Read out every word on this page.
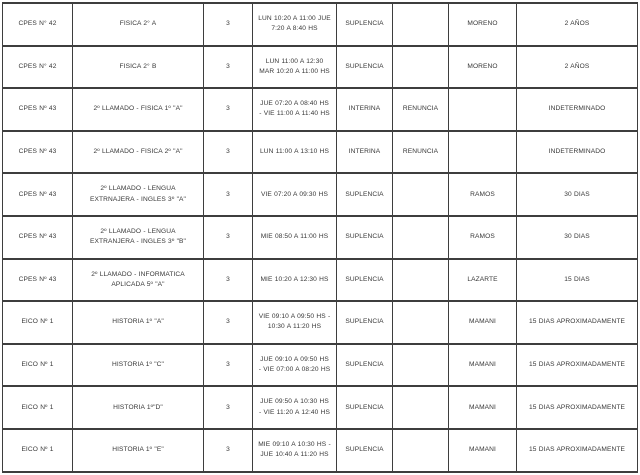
CPES N° 42	FISICA 2° A	3	LUN 10:20 A 11:00 JUE 7:20 A 8:40 HS	SUPLENCIA		MORENO	2 AÑOS
CPES N° 42	FISICA 2° B	3	LUN 11:00 A 12:30 MAR 10:20 A 11:00 HS	SUPLENCIA		MORENO	2 AÑOS
CPES Nº 43	2º LLAMADO - FISICA 1º "A"	3	JUE 07:20 A 08:40 HS - VIE 11:00 A 11:40 HS	INTERINA	RENUNCIA		INDETERMINADO
CPES Nº 43	2º LLAMADO - FISICA 2º "A"	3	LUN 11:00 A 13:10 HS	INTERINA	RENUNCIA		INDETERMINADO
CPES Nº 43	2º LLAMADO - LENGUA EXTRNAJERA - INGLES 3º "A"	3	VIE 07:20 A 09:30 HS	SUPLENCIA		RAMOS	30 DIAS
CPES Nº 43	2º LLAMADO - LENGUA EXTRANJERA - INGLES 3º "B"	3	MIE 08:50 A 11:00 HS	SUPLENCIA		RAMOS	30 DIAS
CPES Nº 43	2º LLAMADO - INFORMATICA APLICADA 5º "A"	3	MIE 10:20 A 12:30 HS	SUPLENCIA		LAZARTE	15 DIAS
EICO Nº 1	HISTORIA 1º "A"	3	VIE 09:10 A 09:50 HS - 10:30 A 11:20 HS	SUPLENCIA		MAMANI	15 DIAS APROXIMADAMENTE
EICO Nº 1	HISTORIA 1º "C"	3	JUE 09:10 A 09:50 HS - VIE 07:00 A 08:20 HS	SUPLENCIA		MAMANI	15 DIAS APROXIMADAMENTE
EICO Nº 1	HISTORIA 1º"D"	3	JUE 09:50 A 10:30 HS - VIE 11:20 A 12:40 HS	SUPLENCIA		MAMANI	15 DIAS APROXIMADAMENTE
EICO Nº 1	HISTORIA 1º "E"	3	MIE 09:10 A 10:30 HS - JUE 10:40 A 11:20 HS	SUPLENCIA		MAMANI	15 DIAS APROXIMADAMENTE
